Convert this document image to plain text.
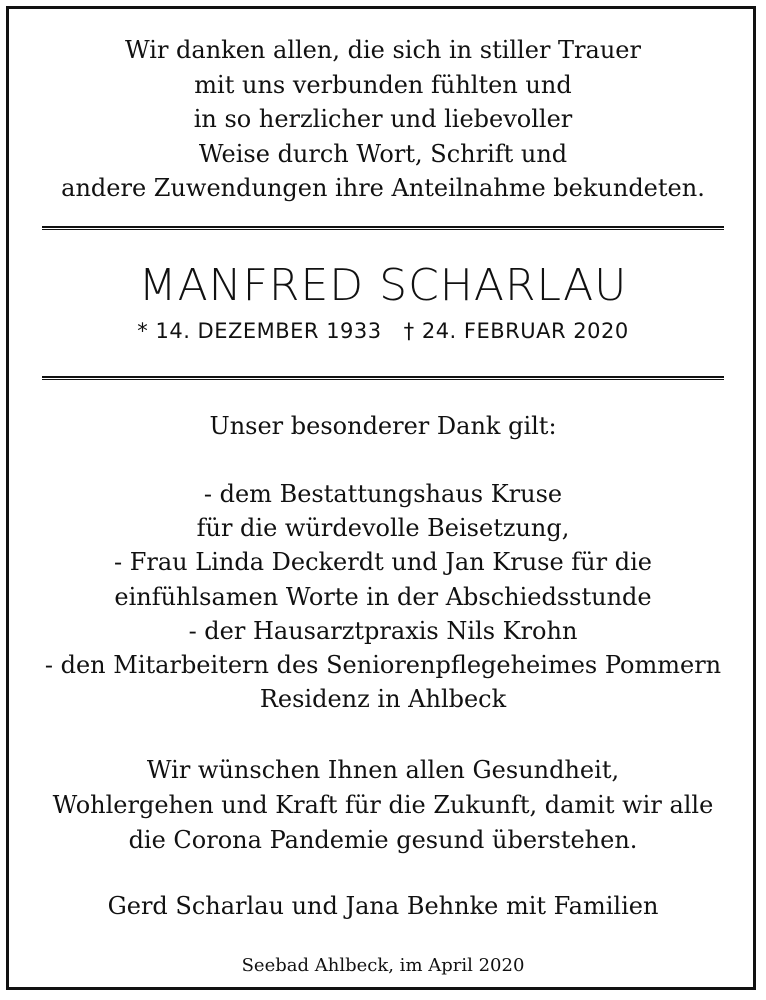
Wir danken allen, die sich in stiller Trauer
mit uns verbunden fühlten und
in so herzlicher und liebevoller
Weise durch Wort, Schrift und
andere Zuwendungen ihre Anteilnahme bekundeten.
MANFRED SCHARLAU
* 14. DEZEMBER 1933 † 24. FEBRUAR 2020
Unser besonderer Dank gilt:
- dem Bestattungshaus Kruse
für die würdevolle Beisetzung,
- Frau Linda Deckerdt und Jan Kruse für die
einfühlsamen Worte in der Abschiedsstunde
- der Hausarztpraxis Nils Krohn
- den Mitarbeitern des Seniorenpflegeheimes Pommern
Residenz in Ahlbeck
Wir wünschen Ihnen allen Gesundheit,
Wohlergehen und Kraft für die Zukunft, damit wir alle
die Corona Pandemie gesund überstehen.
Gerd Scharlau und Jana Behnke mit Familien
Seebad Ahlbeck, im April 2020
